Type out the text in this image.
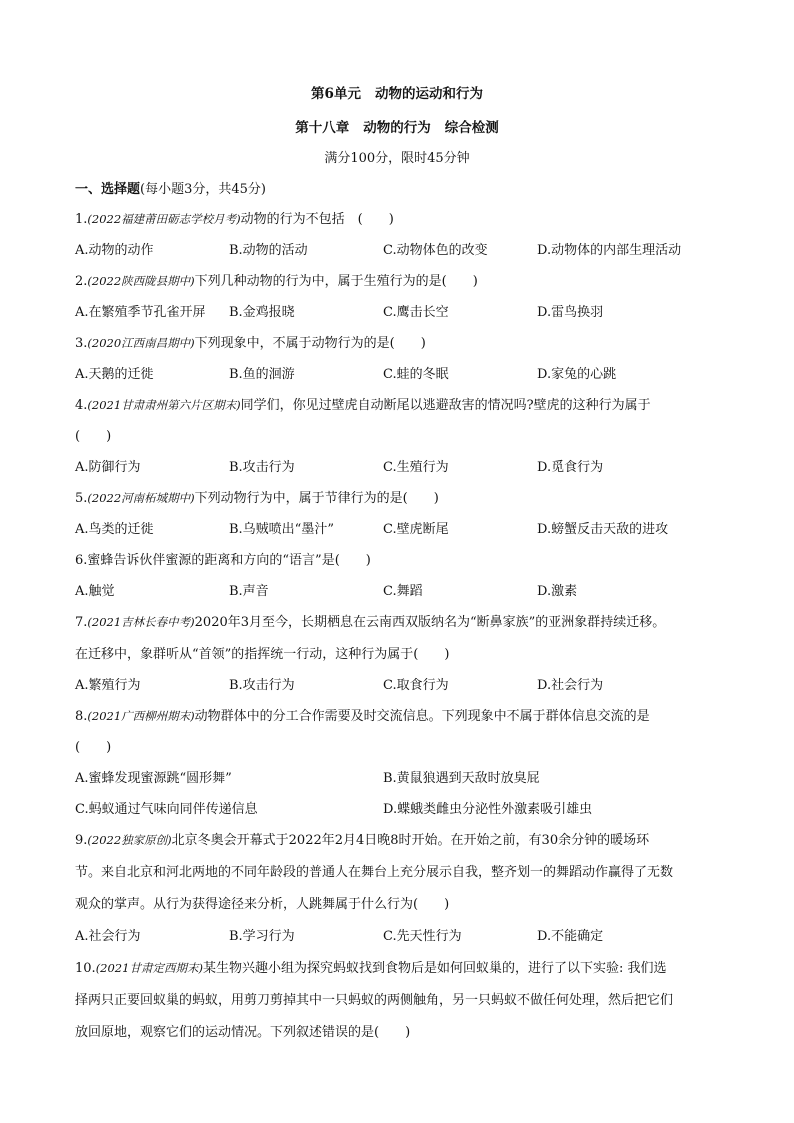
第6单元 动物的运动和行为
第十八章 动物的行为 综合检测
满分100分，限时45分钟
一、选择题(每小题3分，共45分)
1.(2022福建莆田砺志学校月考)动物的行为不包括　(　　)
A.动物的动作	B.动物的活动	C.动物体色的改变	D.动物体的内部生理活动
2.(2022陕西陇县期中)下列几种动物的行为中，属于生殖行为的是(　　)
A.在繁殖季节孔雀开屏 B.金鸡报晓	C.鹰击长空	D.雷鸟换羽
3.(2020江西南昌期中)下列现象中，不属于动物行为的是(　　)
A.天鹅的迁徙	B.鱼的洄游	C.蛙的冬眠	D.家兔的心跳
4.(2021甘肃肃州第六片区期末)同学们，你见过壁虎自动断尾以逃避敌害的情况吗?壁虎的这种行为属于
(　　)
A.防御行为	B.攻击行为	C.生殖行为	D.觅食行为
5.(2022河南柘城期中)下列动物行为中，属于节律行为的是(　　)
A.鸟类的迁徙	B.乌贼喷出“墨汁”	C.壁虎断尾	D.螃蟹反击天敌的进攻
6.蜜蜂告诉伙伴蜜源的距离和方向的“语言”是(　　)
A.触觉	B.声音	C.舞蹈	D.激素
7.(2021吉林长春中考)2020年3月至今，长期栖息在云南西双版纳名为“断鼻家族”的亚洲象群持续迁移。
在迁移中，象群听从“首领”的指挥统一行动，这种行为属于(　　)
A.繁殖行为	B.攻击行为	C.取食行为	D.社会行为
8.(2021广西柳州期末)动物群体中的分工合作需要及时交流信息。下列现象中不属于群体信息交流的是
(　　)
A.蜜蜂发现蜜源跳“圆形舞”	B.黄鼠狼遇到天敌时放臭屁
C.蚂蚁通过气味向同伴传递信息	D.蝶蛾类雌虫分泌性外激素吸引雄虫
9.(2022独家原创)北京冬奥会开幕式于2022年2月4日晚8时开始。在开始之前，有30余分钟的暖场环
节。来自北京和河北两地的不同年龄段的普通人在舞台上充分展示自我，整齐划一的舞蹈动作赢得了无数
观众的掌声。从行为获得途径来分析，人跳舞属于什么行为(　　)
A.社会行为	B.学习行为	C.先天性行为	D.不能确定
10.(2021甘肃定西期末)某生物兴趣小组为探究蚂蚁找到食物后是如何回蚁巢的，进行了以下实验: 我们选
择两只正要回蚁巢的蚂蚁，用剪刀剪掉其中一只蚂蚁的两侧触角，另一只蚂蚁不做任何处理，然后把它们
放回原地，观察它们的运动情况。下列叙述错误的是(　　)
